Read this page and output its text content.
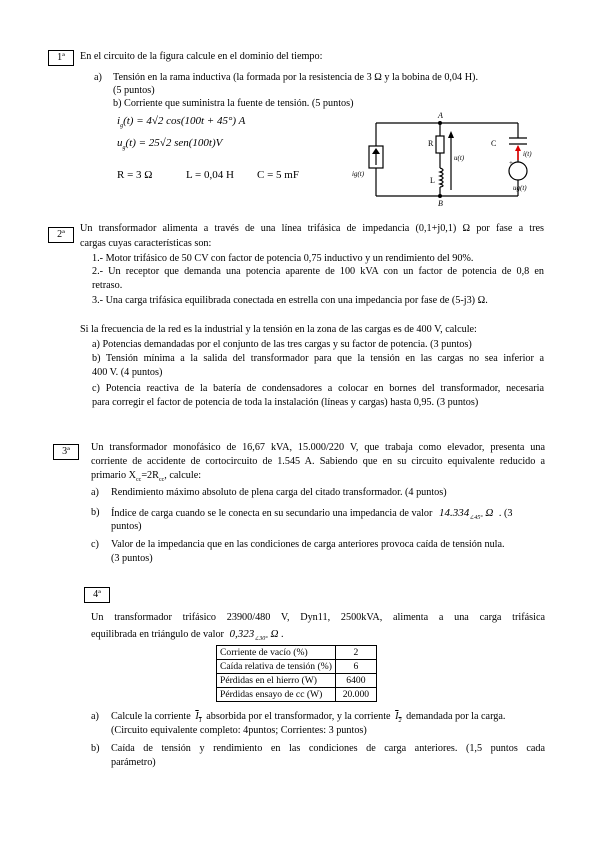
1ª	En el circuito de la figura calcule en el dominio del tiempo:
a) Tensión en la rama inductiva (la formada por la resistencia de 3 Ω y la bobina de 0,04 H).
(5 puntos)
b) Corriente que suministra la fuente de tensión. (5 puntos)
$i_g(t) = 4√2$ cos(100t + 45°) A
$u_g(t) = 25√2$ sen(100t)V
R = 3 Ω	L = 0,04 H C = 5 mF
A
B
R
L
C
ig(t)
ug(t)
u(t)	i(t)
+
2ª
Un transformador alimenta a través de una línea trifásica de impedancia (0,1+j0,1) Ω por fase a tres
cargas cuyas características son:
1.- Motor trifásico de 50 CV con factor de potencia 0,75 inductivo y un rendimiento del 90%.
2.- Un receptor que demanda una potencia aparente de 100 kVA con un factor de potencia de 0,8 en
retraso.
3.- Una carga trifásica equilibrada conectada en estrella con una impedancia por fase de (5-j3) Ω.
Si la frecuencia de la red es la industrial y la tensión en la zona de las cargas es de 400 V, calcule:
a) Potencias demandadas por el conjunto de las tres cargas y su factor de potencia. (3 puntos)
b) Tensión mínima a la salida del transformador para que la tensión en las cargas no sea inferior a
400 V. (4 puntos)
c) Potencia reactiva de la batería de condensadores a colocar en bornes del transformador, necesaria
para corregir el factor de potencia de toda la instalación (líneas y cargas) hasta 0,95. (3 puntos)
3ª	Un transformador monofásico de 16,67 kVA, 15.000/220 V, que trabaja como elevador, presenta una
corriente de accidente de cortocircuito de 1.545 A. Sabiendo que en su circuito equivalente reducido a
primario $X_{cc}=2R_{cc}$, calcule:
a) Rendimiento máximo absoluto de plena carga del citado transformador. (4 puntos)
b) Índice de carga cuando se le conecta en su secundario una impedancia de valor $14.334_{\angle 45^\circ}$ Ω . (3
puntos)
c) Valor de la impedancia que en las condiciones de carga anteriores provoca caída de tensión nula.
(3 puntos)
4ª
Un transformador trifásico 23900/480 V, Dyn11, 2500kVA, alimenta a una carga trifásica
equilibrada en triángulo de valor $0,323_{\angle 30^\circ}$ Ω .
Corriente de vacío (%)	2
Caída relativa de tensión (%)	6
Pérdidas en el hierro (W)	6400
Pérdidas ensayo de cc (W)	20.000
a) Calcule la corriente $I_1$ absorbida por el transformador, y la corriente $I_2$ demandada por la carga.
(Circuito equivalente completo: 4puntos; Corrientes: 3 puntos)
b) Caída de tensión y rendimiento en las condiciones de carga anteriores. (1,5 puntos cada
parámetro)
